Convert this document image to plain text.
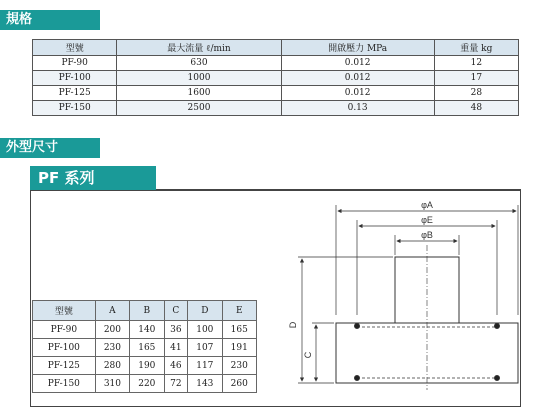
規格
型號	最大流量 ℓ/min	開啟壓力 MPa	重量 kg
PF-90	630	0.012	12
PF-100	1000	0.012	17
PF-125	1600	0.012	28
PF-150	2500	0.13	48
外型尺寸
PF 系列
φA
φE
φB
D
C
型號	A	B	C	D	E
PF-90	200	140	36	100	165
PF-100	230	165	41	107	191
PF-125	280	190	46	117	230
PF-150	310	220	72	143	260
